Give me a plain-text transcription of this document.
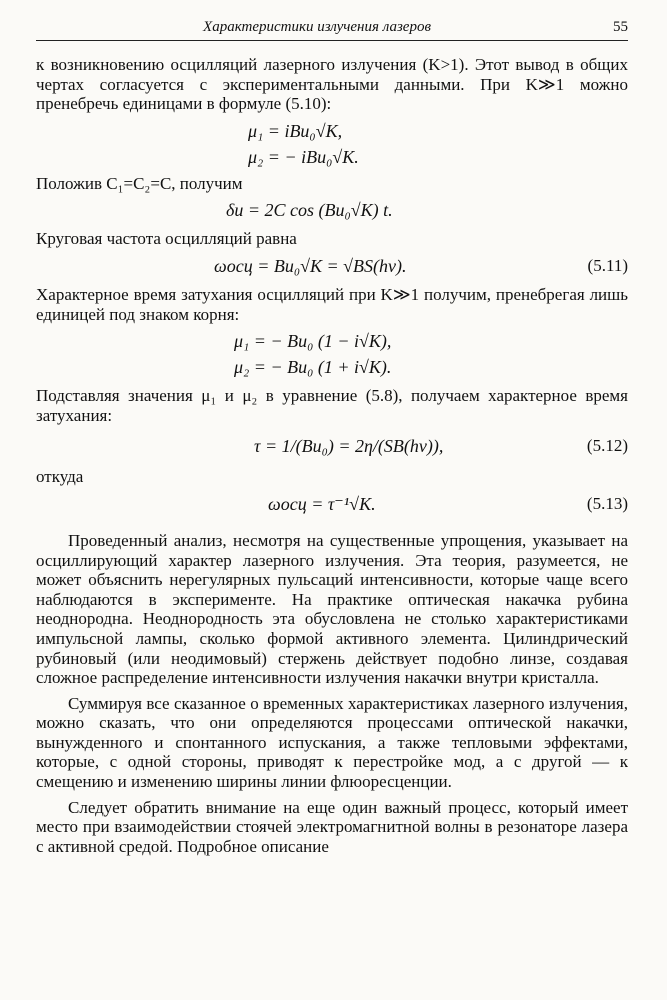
Характеристики излучения лазеров	55

к возникновению осцилляций лазерного излучения (K>1). Этот вывод в общих чертах согласуется с экспериментальными данными. При K≫1 можно пренебречь единицами в формуле (5.10):

μ₁ = iBu₀√K,
μ₂ = − iBu₀√K.

Положив C₁=C₂=C, получим

δu = 2C cos (Bu₀√K) t.

Круговая частота осцилляций равна

ωосц = Bu₀√K = √BS(hν).	(5.11)

Характерное время затухания осцилляций при K≫1 получим, пренебрегая лишь единицей под знаком корня:

μ₁ = − Bu₀ (1 − i√K),
μ₂ = − Bu₀ (1 + i√K).

Подставляя значения μ₁ и μ₂ в уравнение (5.8), получаем характерное время затухания:

τ = 1/(Bu₀) = 2η/(SB(hν)),	(5.12)

откуда

ωосц = τ⁻¹√K.	(5.13)

Проведенный анализ, несмотря на существенные упрощения, указывает на осциллирующий характер лазерного излучения. Эта теория, разумеется, не может объяснить нерегулярных пульсаций интенсивности, которые чаще всего наблюдаются в эксперименте. На практике оптическая накачка рубина неоднородна. Неоднородность эта обусловлена не столько характеристиками импульсной лампы, сколько формой активного элемента. Цилиндрический рубиновый (или неодимовый) стержень действует подобно линзе, создавая сложное распределение интенсивности излучения накачки внутри кристалла.

Суммируя все сказанное о временных характеристиках лазерного излучения, можно сказать, что они определяются процессами оптической накачки, вынужденного и спонтанного испускания, а также тепловыми эффектами, которые, с одной стороны, приводят к перестройке мод, а с другой — к смещению и изменению ширины линии флюоресценции.

Следует обратить внимание на еще один важный процесс, который имеет место при взаимодействии стоячей электромагнитной волны в резонаторе лазера с активной средой. Подробное описание
